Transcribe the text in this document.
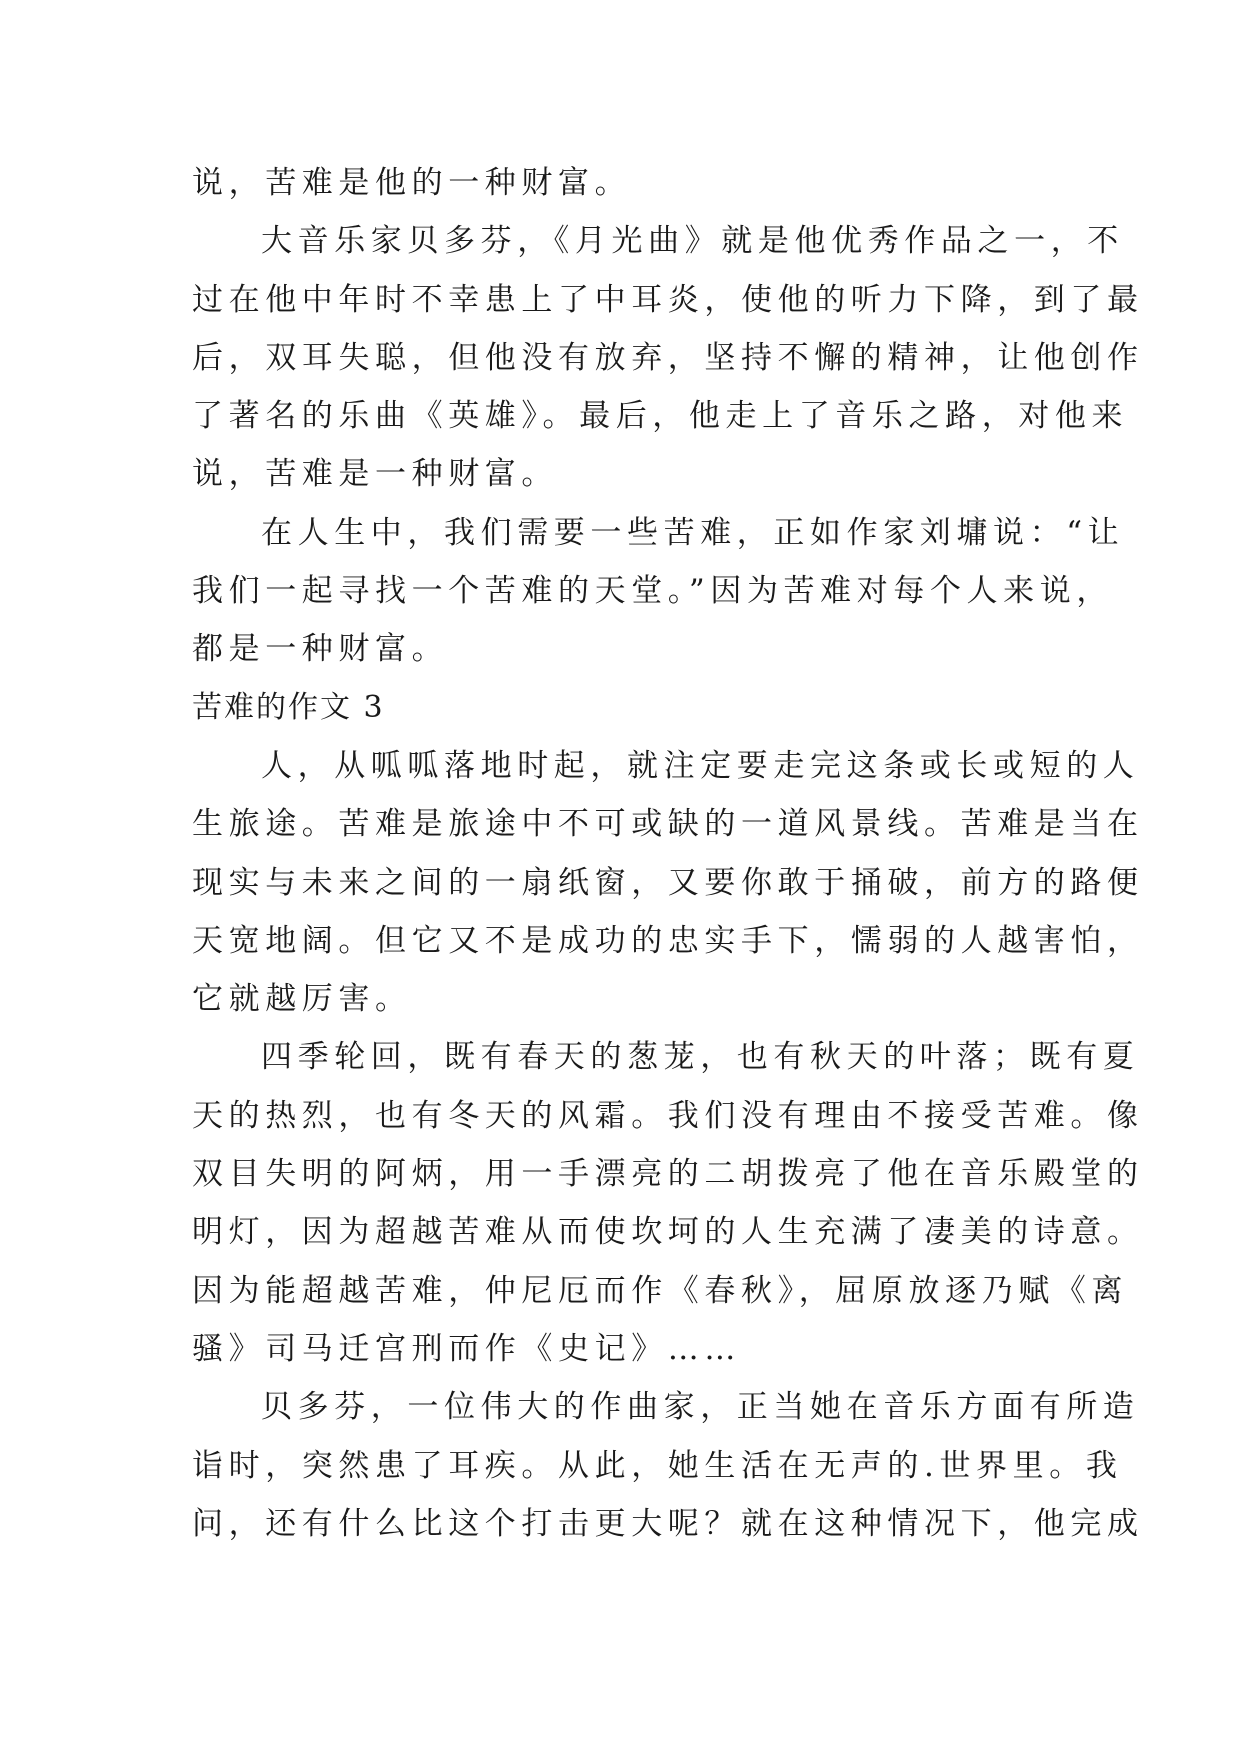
说，苦难是他的一种财富。
大音乐家贝多芬，《月光曲》就是他优秀作品之一，不
过在他中年时不幸患上了中耳炎，使他的听力下降，到了最
后，双耳失聪，但他没有放弃，坚持不懈的精神，让他创作
了著名的乐曲《英雄》。最后，他走上了音乐之路，对他来
说，苦难是一种财富。
在人生中，我们需要一些苦难，正如作家刘墉说：“让
我们一起寻找一个苦难的天堂。”因为苦难对每个人来说，
都是一种财富。
苦难的作文 3
人，从呱呱落地时起，就注定要走完这条或长或短的人
生旅途。苦难是旅途中不可或缺的一道风景线。苦难是当在
现实与未来之间的一扇纸窗，又要你敢于捅破，前方的路便
天宽地阔。但它又不是成功的忠实手下，懦弱的人越害怕，
它就越厉害。
四季轮回，既有春天的葱茏，也有秋天的叶落；既有夏
天的热烈，也有冬天的风霜。我们没有理由不接受苦难。像
双目失明的阿炳，用一手漂亮的二胡拨亮了他在音乐殿堂的
明灯，因为超越苦难从而使坎坷的人生充满了凄美的诗意。
因为能超越苦难，仲尼厄而作《春秋》，屈原放逐乃赋《离
骚》司马迁宫刑而作《史记》……
贝多芬，一位伟大的作曲家，正当她在音乐方面有所造
诣时，突然患了耳疾。从此，她生活在无声的.世界里。我
问，还有什么比这个打击更大呢？就在这种情况下，他完成
